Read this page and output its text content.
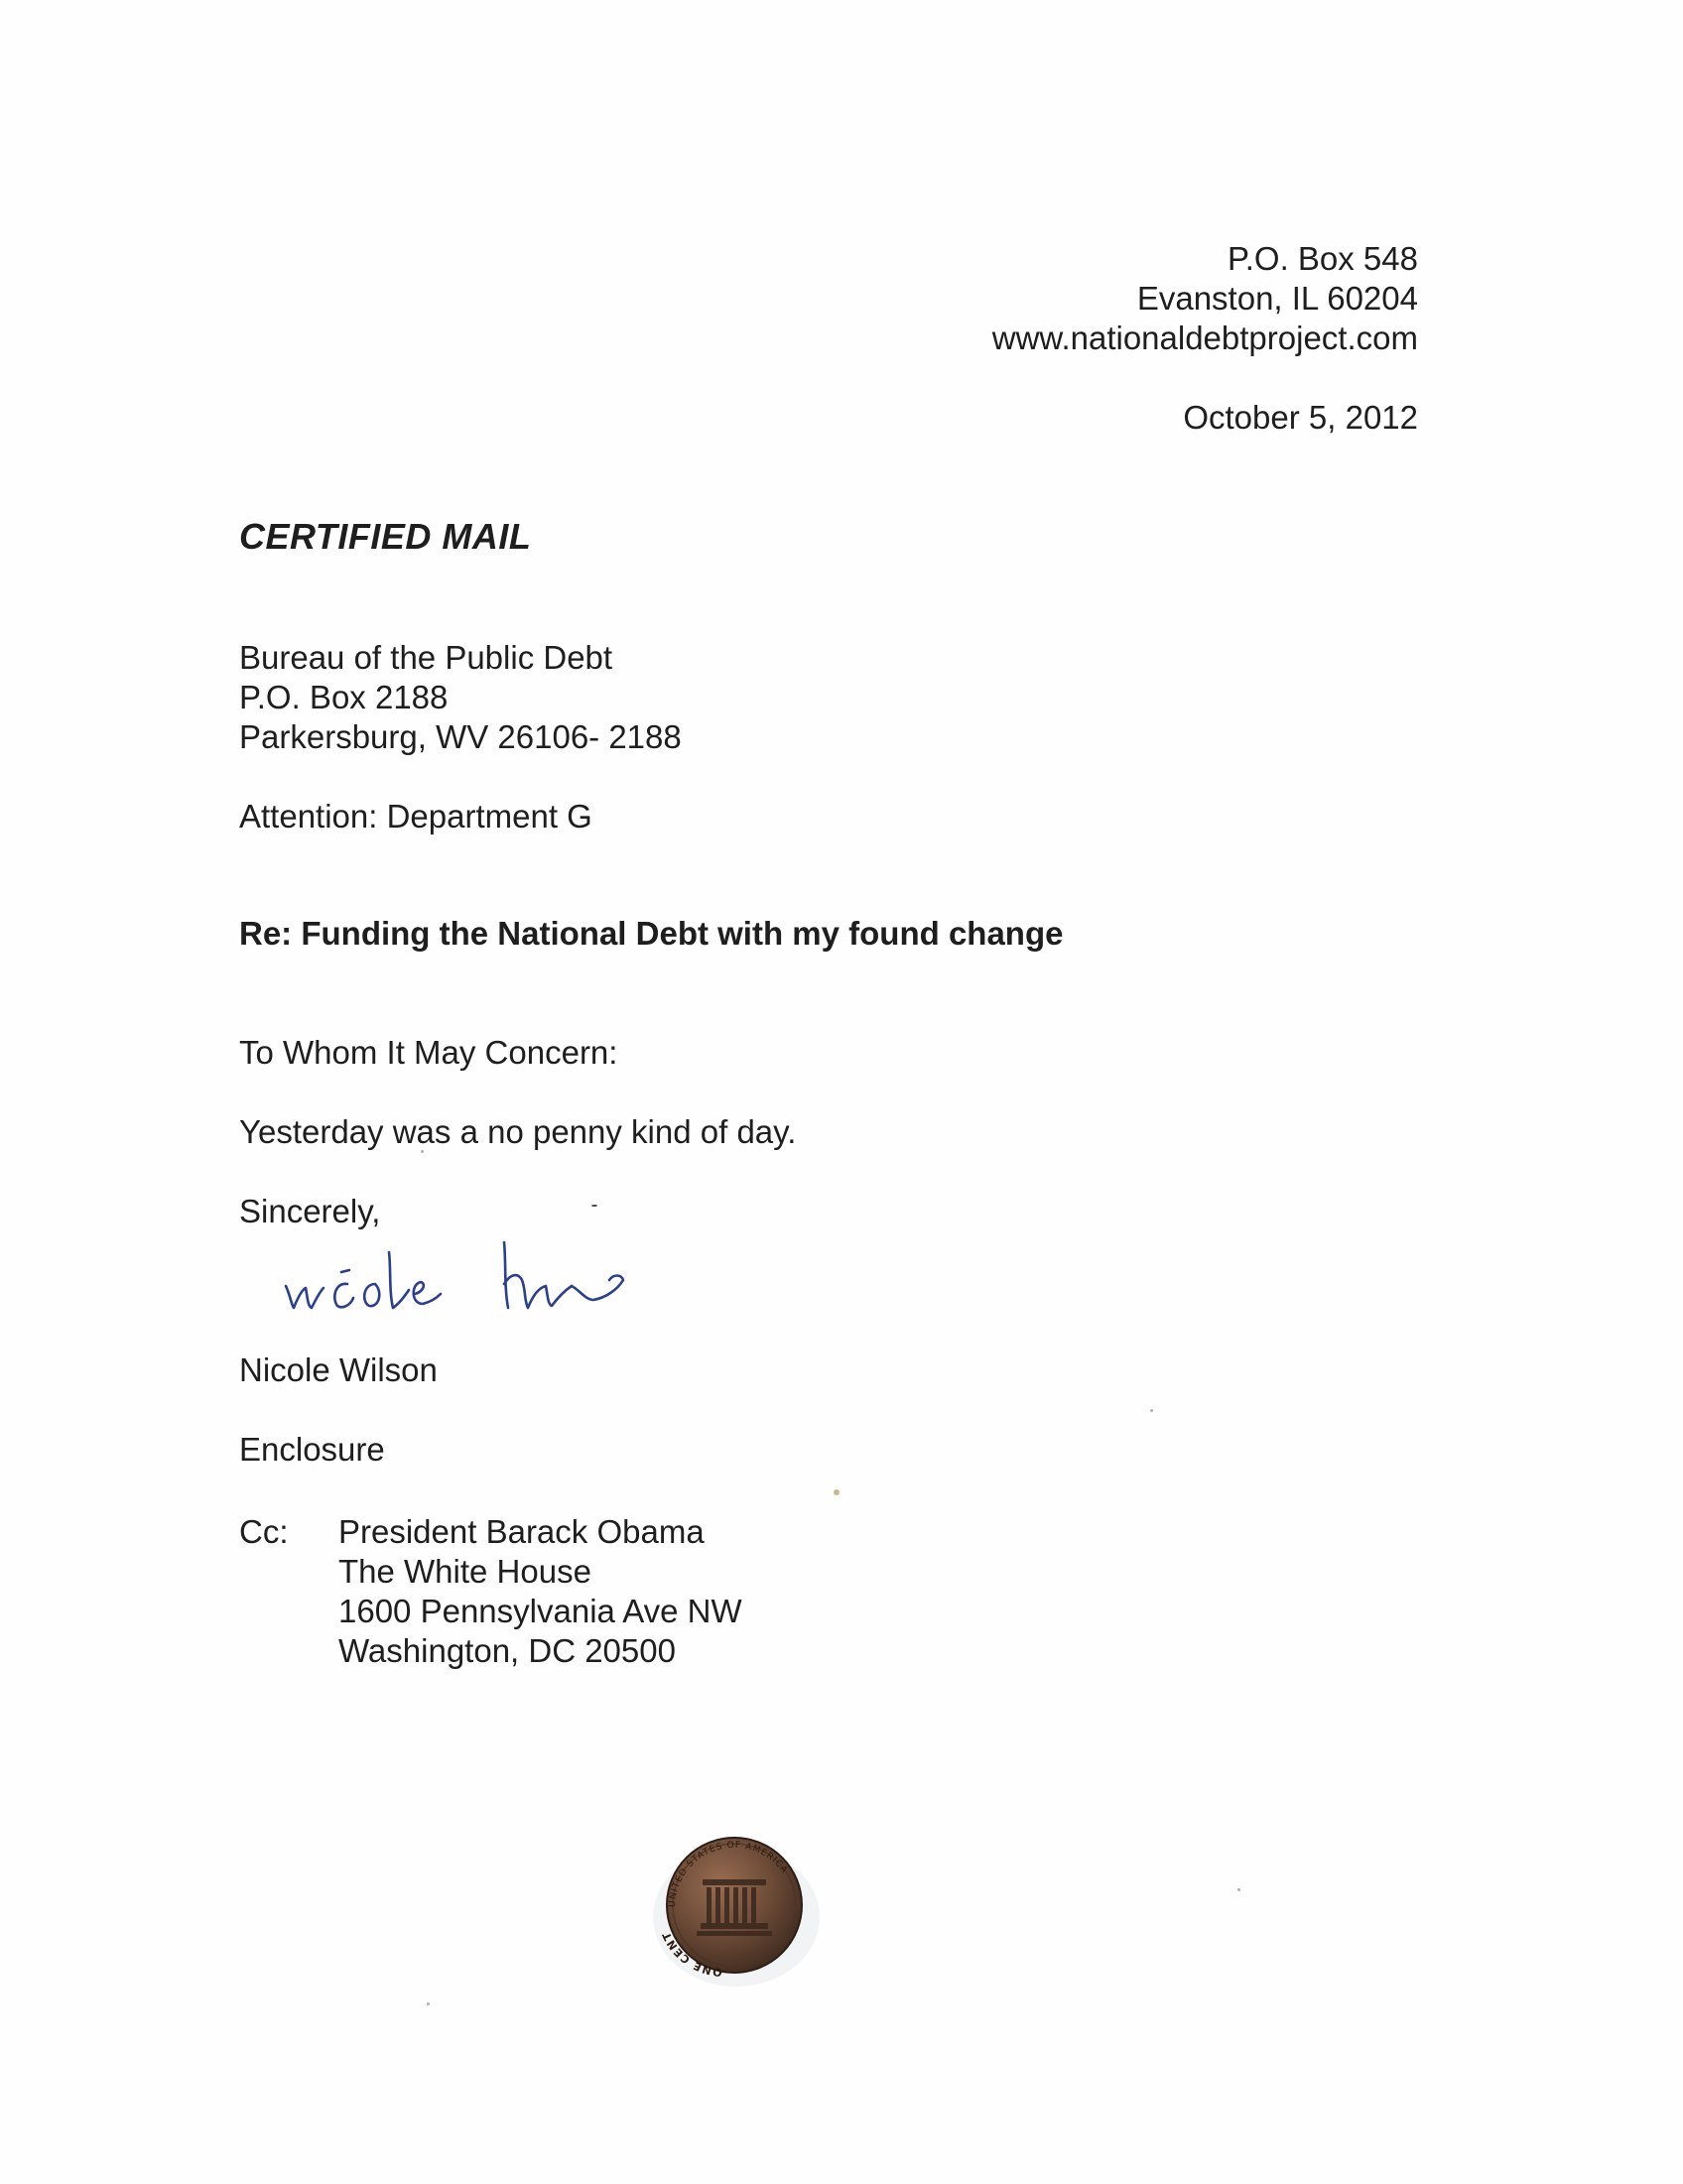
P.O. Box 548
Evanston, IL 60204
www.nationaldebtproject.com
October 5, 2012
CERTIFIED MAIL
Bureau of the Public Debt
P.O. Box 2188
Parkersburg, WV 26106- 2188
Attention: Department G
Re: Funding the National Debt with my found change

To Whom It May Concern:

Yesterday was a no penny kind of day.

Sincerely,

Nicole Wilson

Enclosure

Cc: President Barack Obama
The White House
1600 Pennsylvania Ave NW
Washington, DC 20500
UNITED STATES OF AMERICA
ONE CENT
